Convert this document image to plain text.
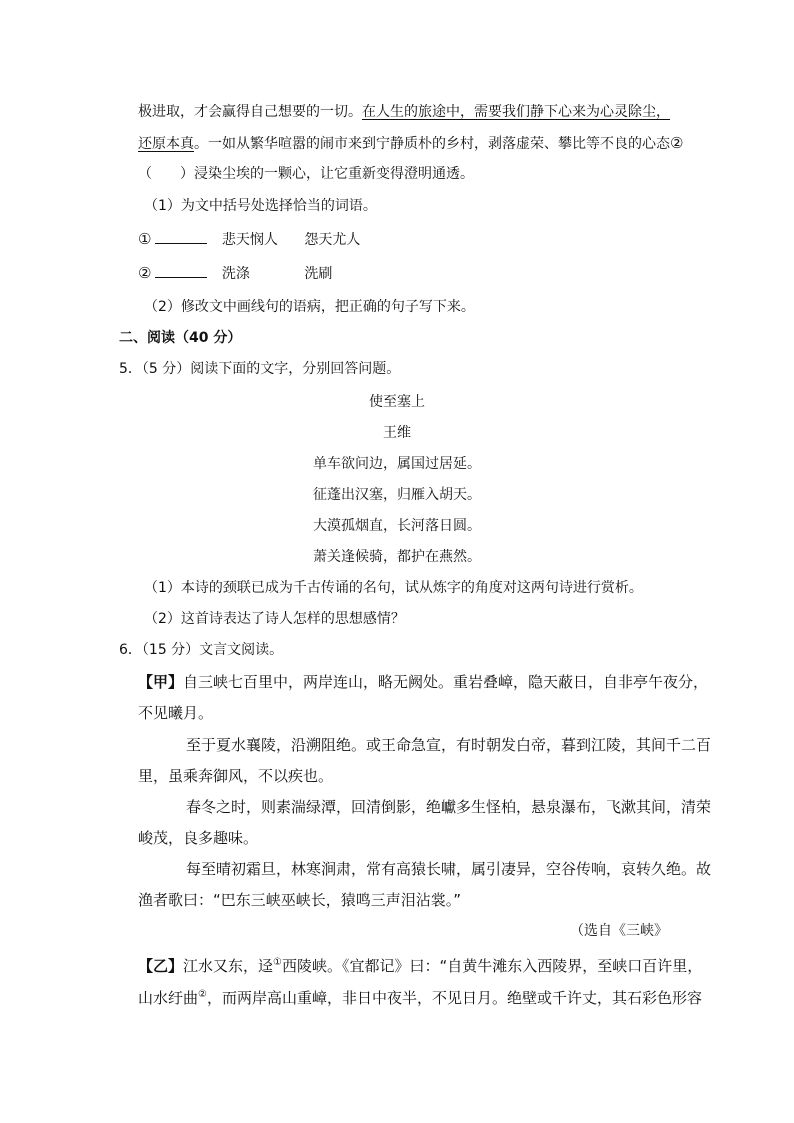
极进取，才会赢得自己想要的一切。在人生的旅途中，需要我们静下心来为心灵除尘，
还原本真。一如从繁华喧嚣的闹市来到宁静质朴的乡村，剥落虚荣、攀比等不良的心态②
（　　）浸染尘埃的一颗心，让它重新变得澄明通透。
（1）为文中括号处选择恰当的词语。
①	悲天悯人 怨天尤人
②	洗涤	洗刷
（2）修改文中画线句的语病，把正确的句子写下来。
二、阅读（40 分）
5．（5 分）阅读下面的文字，分别回答问题。
使至塞上
王维
单车欲问边，属国过居延。
征蓬出汉塞，归雁入胡天。
大漠孤烟直，长河落日圆。
萧关逢候骑，都护在燕然。
（1）本诗的颈联已成为千古传诵的名句，试从炼字的角度对这两句诗进行赏析。
（2）这首诗表达了诗人怎样的思想感情？
6．（15 分）文言文阅读。
【甲】自三峡七百里中，两岸连山，略无阙处。重岩叠嶂，隐天蔽日，自非亭午夜分，
不见曦月。
至于夏水襄陵，沿溯阻绝。或王命急宣，有时朝发白帝，暮到江陵，其间千二百
里，虽乘奔御风，不以疾也。
春冬之时，则素湍绿潭，回清倒影，绝巘多生怪柏，悬泉瀑布，飞漱其间，清荣
峻茂，良多趣味。
每至晴初霜旦，林寒涧肃，常有高猿长啸，属引凄异，空谷传响，哀转久绝。故
渔者歌曰：“巴东三峡巫峡长，猿鸣三声泪沾裳。”
（选自《三峡》
【乙】江水又东，迳①西陵峡。《宜都记》曰：“自黄牛滩东入西陵界，至峡口百许里，
山水纡曲②，而两岸高山重嶂，非日中夜半，不见日月。绝壁或千许丈，其石彩色形容
